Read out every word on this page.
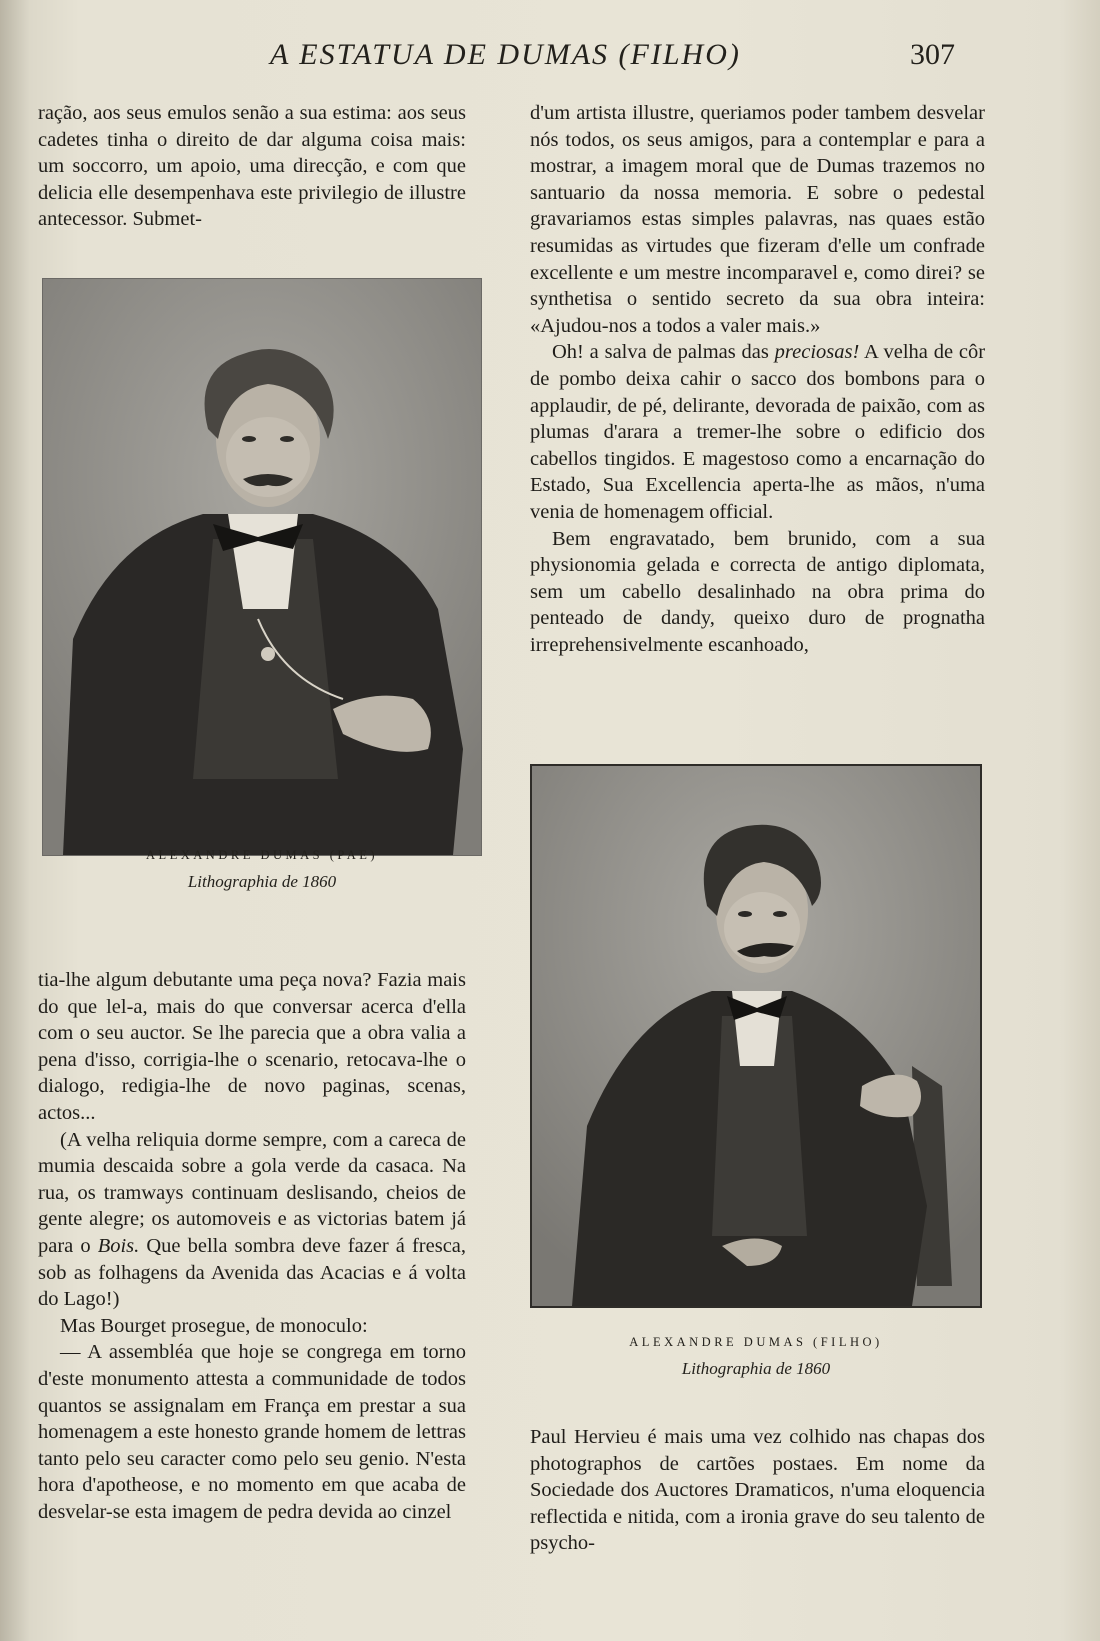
A ESTATUA DE DUMAS (FILHO)	307

ração, aos seus emulos senão a sua estima: aos seus cadetes tinha o direito de dar alguma coisa mais: um soccorro, um apoio, uma direcção, e com que delicia elle desempenhava este privilegio de illustre antecessor. Submet-

ALEXANDRE DUMAS (PAE)
Lithographia de 1860

tia-lhe algum debutante uma peça nova? Fazia mais do que lel-a, mais do que conversar acerca d'ella com o seu auctor. Se lhe parecia que a obra valia a pena d'isso, corrigia-lhe o scenario, retocava-lhe o dialogo, redigia-lhe de novo paginas, scenas, actos...

(A velha reliquia dorme sempre, com a careca de mumia descaida sobre a gola verde da casaca. Na rua, os tramways continuam deslisando, cheios de gente alegre; os automoveis e as victorias batem já para o Bois. Que bella sombra deve fazer á fresca, sob as folhagens da Avenida das Acacias e á volta do Lago!)

Mas Bourget prosegue, de monoculo:

— A assembléa que hoje se congrega em torno d'este monumento attesta a communidade de todos quantos se assignalam em França em prestar a sua homenagem a este honesto grande homem de lettras tanto pelo seu caracter como pelo seu genio. N'esta hora d'apotheose, e no momento em que acaba de desvelar-se esta imagem de pedra devida ao cinzel

d'um artista illustre, queriamos poder tambem desvelar nós todos, os seus amigos, para a contemplar e para a mostrar, a imagem moral que de Dumas trazemos no santuario da nossa memoria. E sobre o pedestal gravariamos estas simples palavras, nas quaes estão resumidas as virtudes que fizeram d'elle um confrade excellente e um mestre incomparavel e, como direi? se synthetisa o sentido secreto da sua obra inteira: «Ajudou-nos a todos a valer mais.»

Oh! a salva de palmas das preciosas! A velha de côr de pombo deixa cahir o sacco dos bombons para o applaudir, de pé, delirante, devorada de paixão, com as plumas d'arara a tremer-lhe sobre o edificio dos cabellos tingidos. E magestoso como a encarnação do Estado, Sua Excellencia aperta-lhe as mãos, n'uma venia de homenagem official.

Bem engravatado, bem brunido, com a sua physionomia gelada e correcta de antigo diplomata, sem um cabello desalinhado na obra prima do penteado de dandy, queixo duro de prognatha irreprehensivelmente escanhoado,

ALEXANDRE DUMAS (FILHO)
Lithographia de 1860

Paul Hervieu é mais uma vez colhido nas chapas dos photographos de cartões postaes. Em nome da Sociedade dos Auctores Dramaticos, n'uma eloquencia reflectida e nitida, com a ironia grave do seu talento de psycho-
